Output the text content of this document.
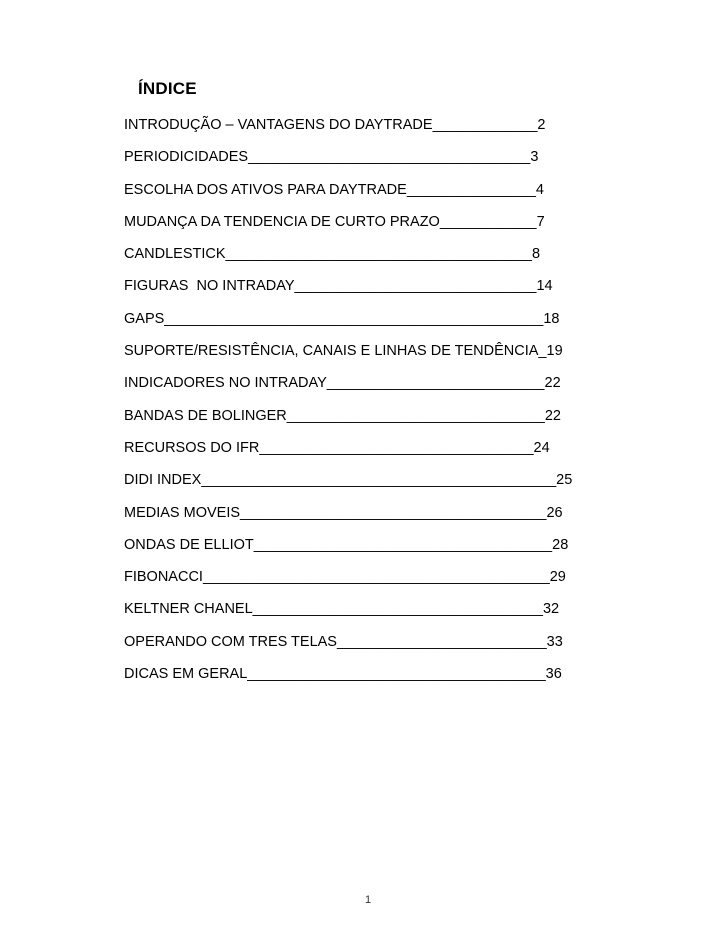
ÍNDICE
INTRODUÇÃO – VANTAGENS DO DAYTRADE_____________2
PERIODICIDADES___________________________________3
ESCOLHA DOS ATIVOS PARA DAYTRADE________________4
MUDANÇA DA TENDENCIA DE CURTO PRAZO____________7
CANDLESTICK______________________________________8
FIGURAS  NO INTRADAY______________________________14
GAPS_______________________________________________18
SUPORTE/RESISTÊNCIA, CANAIS E LINHAS DE TENDÊNCIA_19
INDICADORES NO INTRADAY___________________________22
BANDAS DE BOLINGER________________________________22
RECURSOS DO IFR__________________________________24
DIDI INDEX____________________________________________25
MEDIAS MOVEIS______________________________________26
ONDAS DE ELLIOT_____________________________________28
FIBONACCI___________________________________________29
KELTNER CHANEL____________________________________32
OPERANDO COM TRES TELAS__________________________33
DICAS EM GERAL_____________________________________36
1
